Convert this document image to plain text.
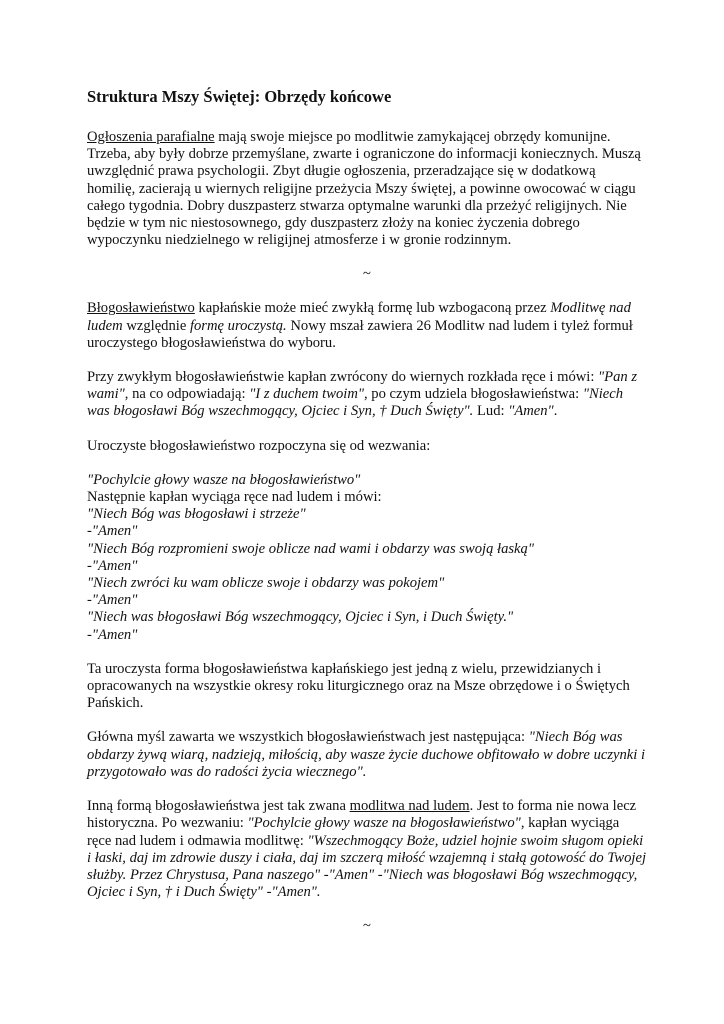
Struktura Mszy Świętej: Obrzędy końcowe

Ogłoszenia parafialne mają swoje miejsce po modlitwie zamykającej obrzędy komunijne. Trzeba, aby były dobrze przemyślane, zwarte i ograniczone do informacji koniecznych. Muszą uwzględnić prawa psychologii. Zbyt długie ogłoszenia, przeradzające się w dodatkową homilię, zacierają u wiernych religijne przeżycia Mszy świętej, a powinne owocować w ciągu całego tygodnia. Dobry duszpasterz stwarza optymalne warunki dla przeżyć religijnych. Nie będzie w tym nic niestosownego, gdy duszpasterz złoży na koniec życzenia dobrego wypoczynku niedzielnego w religijnej atmosferze i w gronie rodzinnym.

~

Błogosławieństwo kapłańskie może mieć zwykłą formę lub wzbogaconą przez Modlitwę nad ludem względnie formę uroczystą. Nowy mszał zawiera 26 Modlitw nad ludem i tyleż formuł uroczystego błogosławieństwa do wyboru.

Przy zwykłym błogosławieństwie kapłan zwrócony do wiernych rozkłada ręce i mówi: "Pan z wami", na co odpowiadają: "I z duchem twoim", po czym udziela błogosławieństwa: "Niech was błogosławi Bóg wszechmogący, Ojciec i Syn, † Duch Święty". Lud: "Amen".

Uroczyste błogosławieństwo rozpoczyna się od wezwania:

"Pochylcie głowy wasze na błogosławieństwo"
Następnie kapłan wyciąga ręce nad ludem i mówi:
"Niech Bóg was błogosławi i strzeże"
-"Amen"
"Niech Bóg rozpromieni swoje oblicze nad wami i obdarzy was swoją łaską"
-"Amen"
"Niech zwróci ku wam oblicze swoje i obdarzy was pokojem"
-"Amen"
"Niech was błogosławi Bóg wszechmogący, Ojciec i Syn, i Duch Święty."
-"Amen"

Ta uroczysta forma błogosławieństwa kapłańskiego jest jedną z wielu, przewidzianych i opracowanych na wszystkie okresy roku liturgicznego oraz na Msze obrzędowe i o Świętych Pańskich.

Główna myśl zawarta we wszystkich błogosławieństwach jest następująca: "Niech Bóg was obdarzy żywą wiarą, nadzieją, miłością, aby wasze życie duchowe obfitowało w dobre uczynki i przygotowało was do radości życia wiecznego".

Inną formą błogosławieństwa jest tak zwana modlitwa nad ludem. Jest to forma nie nowa lecz historyczna. Po wezwaniu: "Pochylcie głowy wasze na błogosławieństwo", kapłan wyciąga ręce nad ludem i odmawia modlitwę: "Wszechmogący Boże, udziel hojnie swoim sługom opieki i łaski, daj im zdrowie duszy i ciała, daj im szczerą miłość wzajemną i stałą gotowość do Twojej służby. Przez Chrystusa, Pana naszego" -"Amen" -"Niech was błogosławi Bóg wszechmogący, Ojciec i Syn, † i Duch Święty" -"Amen".

~
